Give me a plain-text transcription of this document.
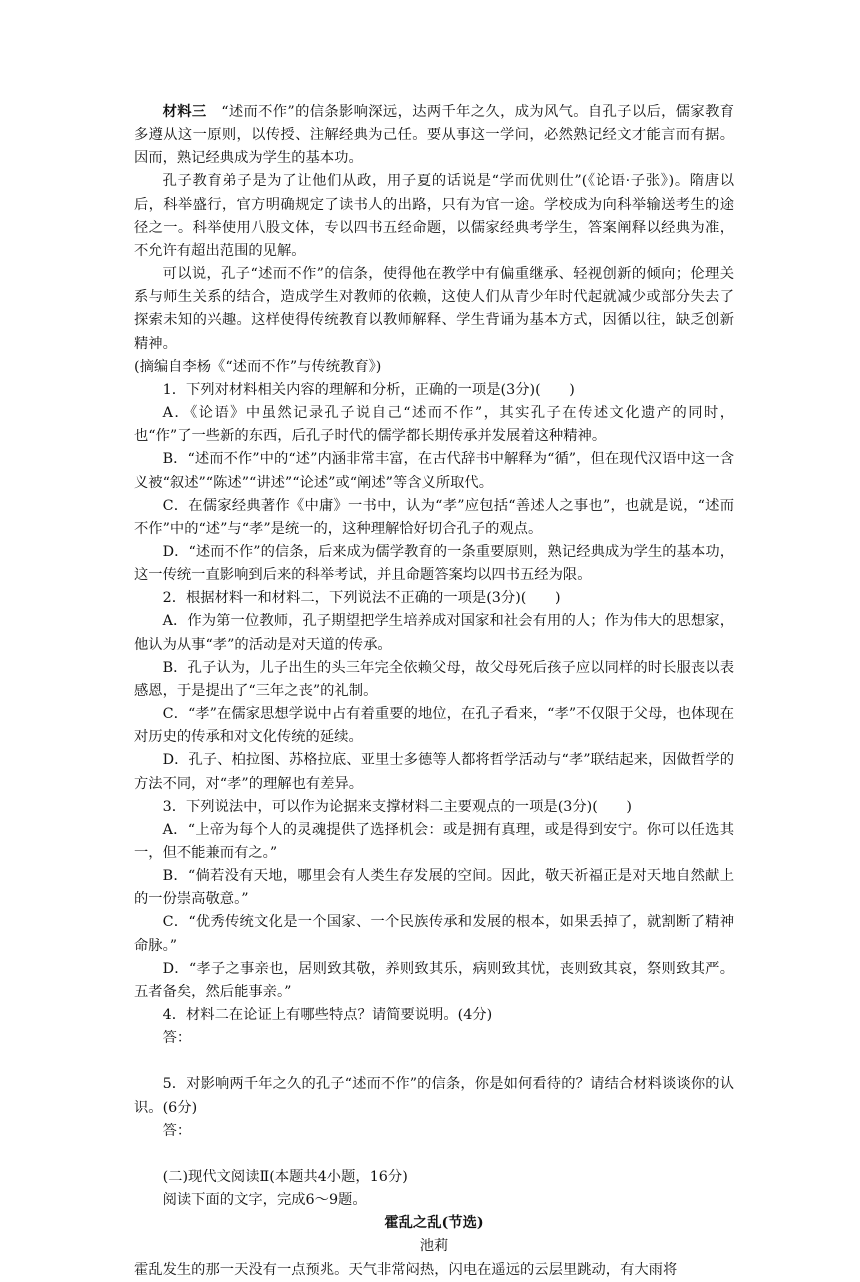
材料三　 “述而不作”的信条影响深远，达两千年之久，成为风气。自孔子以后，儒家教育多遵从这一原则，以传授、注解经典为己任。要从事这一学问，必然熟记经文才能言而有据。因而，熟记经典成为学生的基本功。

孔子教育弟子是为了让他们从政，用子夏的话说是“学而优则仕”(《论语·子张》)。隋唐以后，科举盛行，官方明确规定了读书人的出路，只有为官一途。学校成为向科举输送考生的途径之一。科举使用八股文体，专以四书五经命题，以儒家经典考学生，答案阐释以经典为准，不允许有超出范围的见解。

可以说，孔子“述而不作”的信条，使得他在教学中有偏重继承、轻视创新的倾向；伦理关系与师生关系的结合，造成学生对教师的依赖，这使人们从青少年时代起就减少或部分失去了探索未知的兴趣。这样使得传统教育以教师解释、学生背诵为基本方式，因循以往，缺乏创新精神。

(摘编自李杨《“述而不作”与传统教育》)

1．下列对材料相关内容的理解和分析，正确的一项是(3分)(　　)

A．《论语》中虽然记录孔子说自己“述而不作”，其实孔子在传述文化遗产的同时，也“作”了一些新的东西，后孔子时代的儒学都长期传承并发展着这种精神。

B．“述而不作”中的“述”内涵非常丰富，在古代辞书中解释为“循”，但在现代汉语中这一含义被“叙述”“陈述”“讲述”“论述”或“阐述”等含义所取代。

C．在儒家经典著作《中庸》一书中，认为“孝”应包括“善述人之事也”，也就是说，“述而不作”中的“述”与“孝”是统一的，这种理解恰好切合孔子的观点。

D．“述而不作”的信条，后来成为儒学教育的一条重要原则，熟记经典成为学生的基本功，这一传统一直影响到后来的科举考试，并且命题答案均以四书五经为限。

2．根据材料一和材料二，下列说法不正确的一项是(3分)(　　)

A．作为第一位教师，孔子期望把学生培养成对国家和社会有用的人；作为伟大的思想家，他认为从事“孝”的活动是对天道的传承。

B．孔子认为，儿子出生的头三年完全依赖父母，故父母死后孩子应以同样的时长服丧以表感恩，于是提出了“三年之丧”的礼制。

C．“孝”在儒家思想学说中占有着重要的地位，在孔子看来，“孝”不仅限于父母，也体现在对历史的传承和对文化传统的延续。

D．孔子、柏拉图、苏格拉底、亚里士多德等人都将哲学活动与“孝”联结起来，因做哲学的方法不同，对“孝”的理解也有差异。

3．下列说法中，可以作为论据来支撑材料二主要观点的一项是(3分)(　　)

A．“上帝为每个人的灵魂提供了选择机会：或是拥有真理，或是得到安宁。你可以任选其一，但不能兼而有之。”

B．“倘若没有天地，哪里会有人类生存发展的空间。因此，敬天祈福正是对天地自然献上的一份崇高敬意。”

C．“优秀传统文化是一个国家、一个民族传承和发展的根本，如果丢掉了，就割断了精神命脉。”

D．“孝子之事亲也，居则致其敬，养则致其乐，病则致其忧，丧则致其哀，祭则致其严。五者备矣，然后能事亲。”

4．材料二在论证上有哪些特点？请简要说明。(4分)

答：

5．对影响两千年之久的孔子“述而不作”的信条，你是如何看待的？请结合材料谈谈你的认识。(6分)

答：

(二)现代文阅读Ⅱ(本题共4小题，16分)

阅读下面的文字，完成6～9题。

霍乱之乱(节选)

池莉

霍乱发生的那一天没有一点预兆。天气非常闷热，闪电在遥远的云层里跳动，有大雨将
